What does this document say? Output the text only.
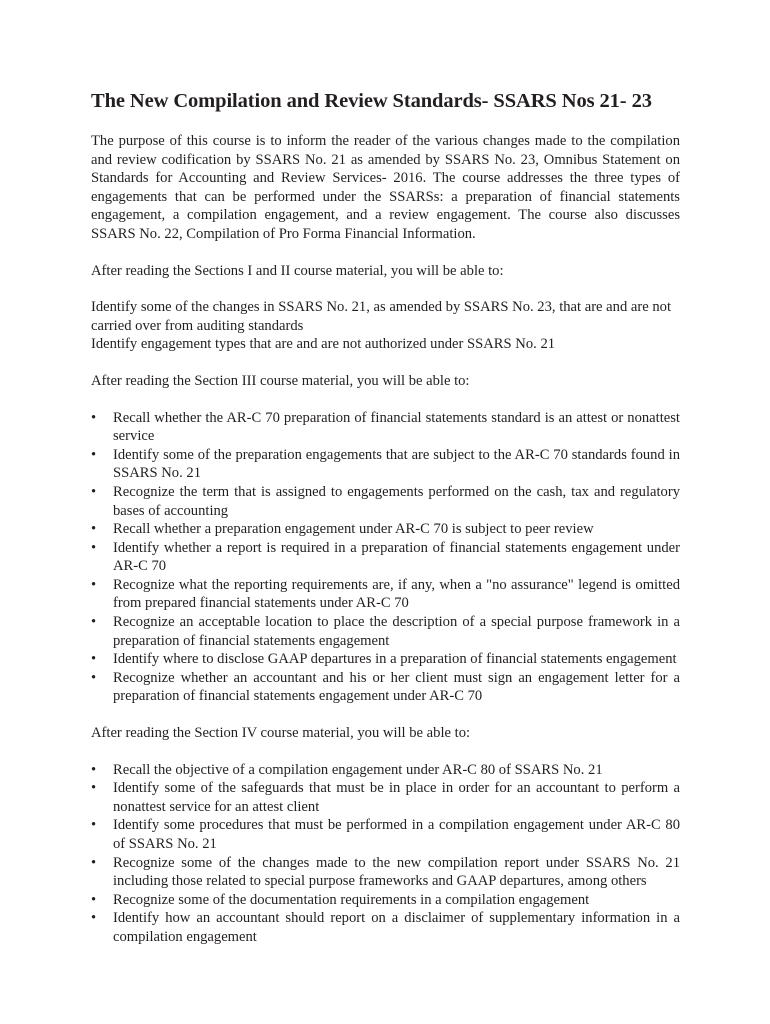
The New Compilation and Review Standards- SSARS Nos 21- 23

The purpose of this course is to inform the reader of the various changes made to the compilation and review codification by SSARS No. 21 as amended by SSARS No. 23, Omnibus Statement on Standards for Accounting and Review Services- 2016. The course addresses the three types of engagements that can be performed under the SSARSs: a preparation of financial statements engagement, a compilation engagement, and a review engagement. The course also discusses SSARS No. 22, Compilation of Pro Forma Financial Information.

After reading the Sections I and II course material, you will be able to:

Identify some of the changes in SSARS No. 21, as amended by SSARS No. 23, that are and are not carried over from auditing standards
Identify engagement types that are and are not authorized under SSARS No. 21

After reading the Section III course material, you will be able to:

•	Recall whether the AR-C 70 preparation of financial statements standard is an attest or nonattest service
•	Identify some of the preparation engagements that are subject to the AR-C 70 standards found in SSARS No. 21
•	Recognize the term that is assigned to engagements performed on the cash, tax and regulatory bases of accounting
•	Recall whether a preparation engagement under AR-C 70 is subject to peer review
•	Identify whether a report is required in a preparation of financial statements engagement under AR-C 70
•	Recognize what the reporting requirements are, if any, when a "no assurance" legend is omitted from prepared financial statements under AR-C 70
•	Recognize an acceptable location to place the description of a special purpose framework in a preparation of financial statements engagement
•	Identify where to disclose GAAP departures in a preparation of financial statements engagement
•	Recognize whether an accountant and his or her client must sign an engagement letter for a preparation of financial statements engagement under AR-C 70

After reading the Section IV course material, you will be able to:

•	Recall the objective of a compilation engagement under AR-C 80 of SSARS No. 21
•	Identify some of the safeguards that must be in place in order for an accountant to perform a nonattest service for an attest client
•	Identify some procedures that must be performed in a compilation engagement under AR-C 80 of SSARS No. 21
•	Recognize some of the changes made to the new compilation report under SSARS No. 21 including those related to special purpose frameworks and GAAP departures, among others
•	Recognize some of the documentation requirements in a compilation engagement
•	Identify how an accountant should report on a disclaimer of supplementary information in a compilation engagement
